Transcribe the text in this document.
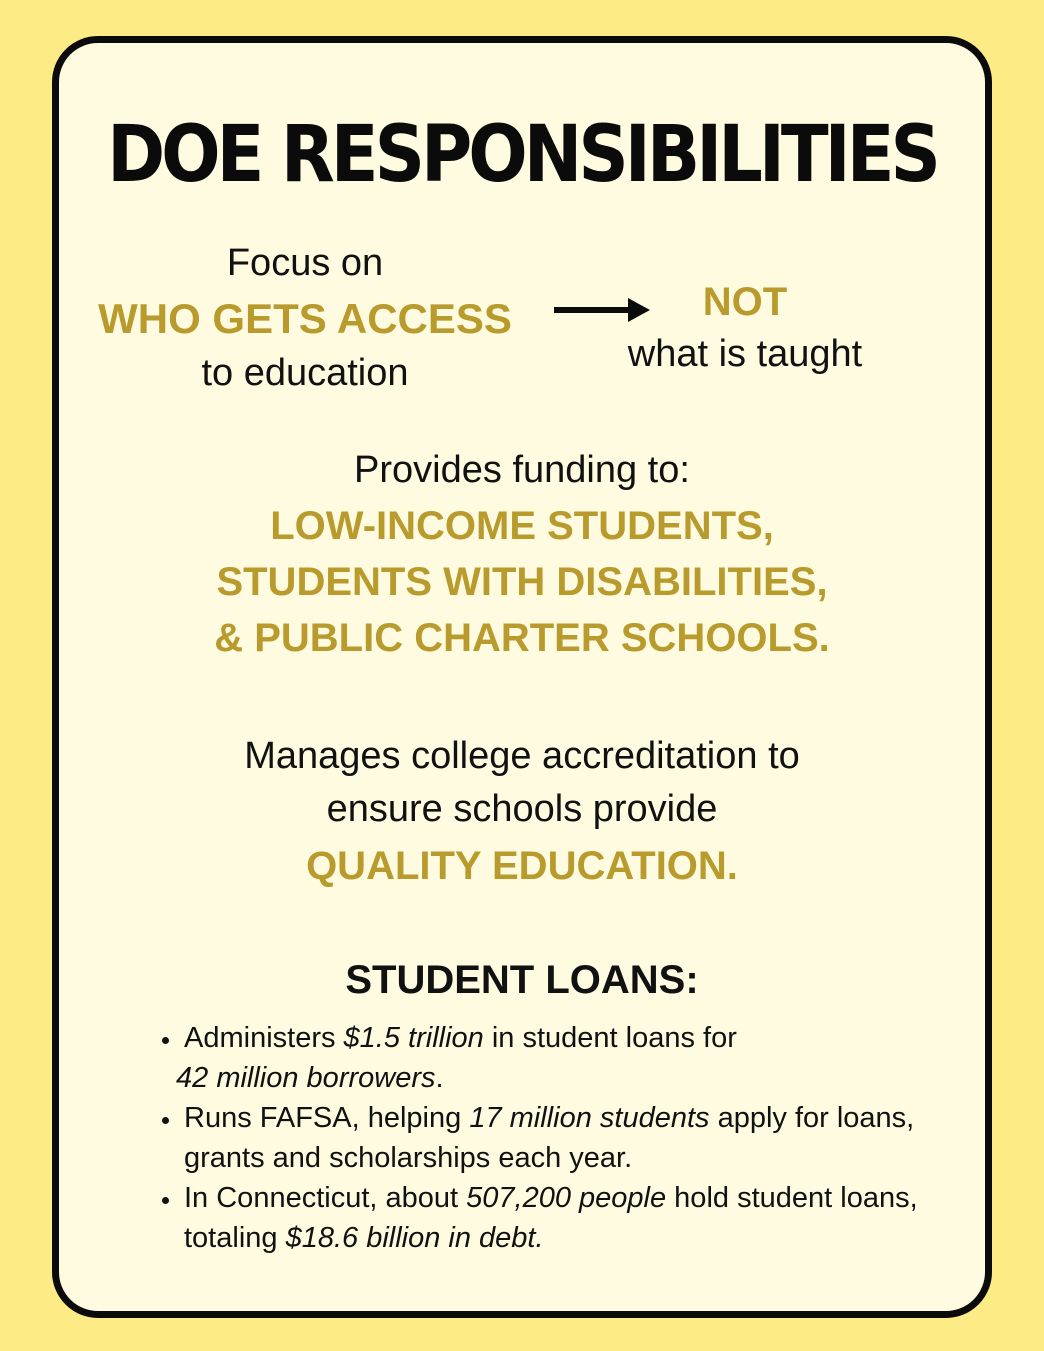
DOE RESPONSIBILITIES
Focus on
WHO GETS ACCESS
to education
NOT
what is taught
Provides funding to:
LOW-INCOME STUDENTS,
STUDENTS WITH DISABILITIES,
& PUBLIC CHARTER SCHOOLS.
Manages college accreditation to
ensure schools provide
QUALITY EDUCATION.
STUDENT LOANS:
• Administers $1.5 trillion in student loans for
42 million borrowers.
• Runs FAFSA, helping 17 million students apply for loans, grants and scholarships each year.
• In Connecticut, about 507,200 people hold student loans, totaling $18.6 billion in debt.
